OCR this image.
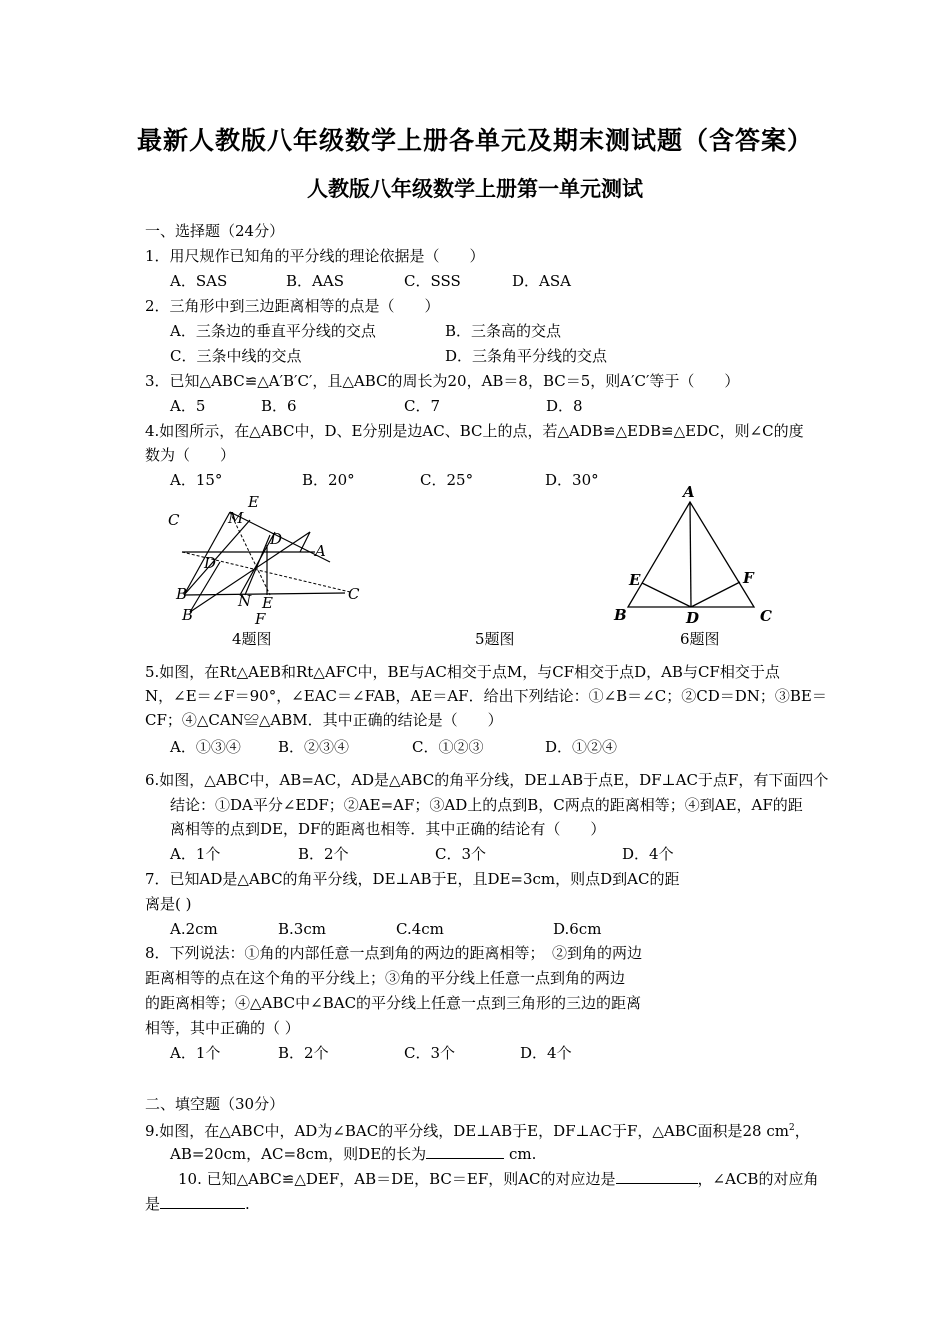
最新人教版八年级数学上册各单元及期末测试题（含答案）
人教版八年级数学上册第一单元测试
一、选择题（24分）
1．用尺规作已知角的平分线的理论依据是（　　）
A．SAS	B．AAS	C．SSS	D．ASA
2．三角形中到三边距离相等的点是（　　）
A．三条边的垂直平分线的交点	B．三条高的交点
C．三条中线的交点	D．三条角平分线的交点
3．已知△ABC≌△A′B′C′，且△ABC的周长为20，AB＝8，BC＝5，则A′C′等于（　　）
A．5	B．6	C．7	D．8
4.如图所示，在△ABC中，D、E分别是边AC、BC上的点，若△ADB≌△EDB≌△EDC，则∠C的度
数为（　　）
A．15°	B．20°	C．25°	D．30°
C	M
E
D
D
A
B
B
N E	C
F
A
E	F
B	D	C
4题图	5题图	6题图
5.如图，在Rt△AEB和Rt△AFC中，BE与AC相交于点M，与CF相交于点D，AB与CF相交于点
N，∠E＝∠F＝90°，∠EAC＝∠FAB，AE＝AF．给出下列结论：①∠B＝∠C；②CD＝DN；③BE＝
CF；④△CAN≌△ABM．其中正确的结论是（　　）
A．①③④ B．②③④	C．①②③	D．①②④
6.如图，△ABC中，AB=AC，AD是△ABC的角平分线，DE⊥AB于点E，DF⊥AC于点F，有下面四个
结论：①DA平分∠EDF；②AE=AF；③AD上的点到B，C两点的距离相等；④到AE，AF的距
离相等的点到DE，DF的距离也相等．其中正确的结论有（　　）
A．1个	B．2个	C．3个	D．4个
7．已知AD是△ABC的角平分线，DE⊥AB于E，且DE=3cm，则点D到AC的距
离是( )
A.2cm	B.3cm	C.4cm	D.6cm
8．下列说法：①角的内部任意一点到角的两边的距离相等；　②到角的两边
距离相等的点在这个角的平分线上；③角的平分线上任意一点到角的两边
的距离相等；④△ABC中∠BAC的平分线上任意一点到三角形的三边的距离
相等，其中正确的（ ）
A．1个	B．2个	C．3个	D．4个
二、填空题（30分）
9.如图，在△ABC中，AD为∠BAC的平分线，DE⊥AB于E，DF⊥AC于F，△ABC面积是28 $cm^2$，
AB=20cm，AC=8cm，则DE的长为	cm.
10. 已知△ABC≌△DEF，AB＝DE，BC＝EF，则AC的对应边是	，∠ACB的对应角
是	.
